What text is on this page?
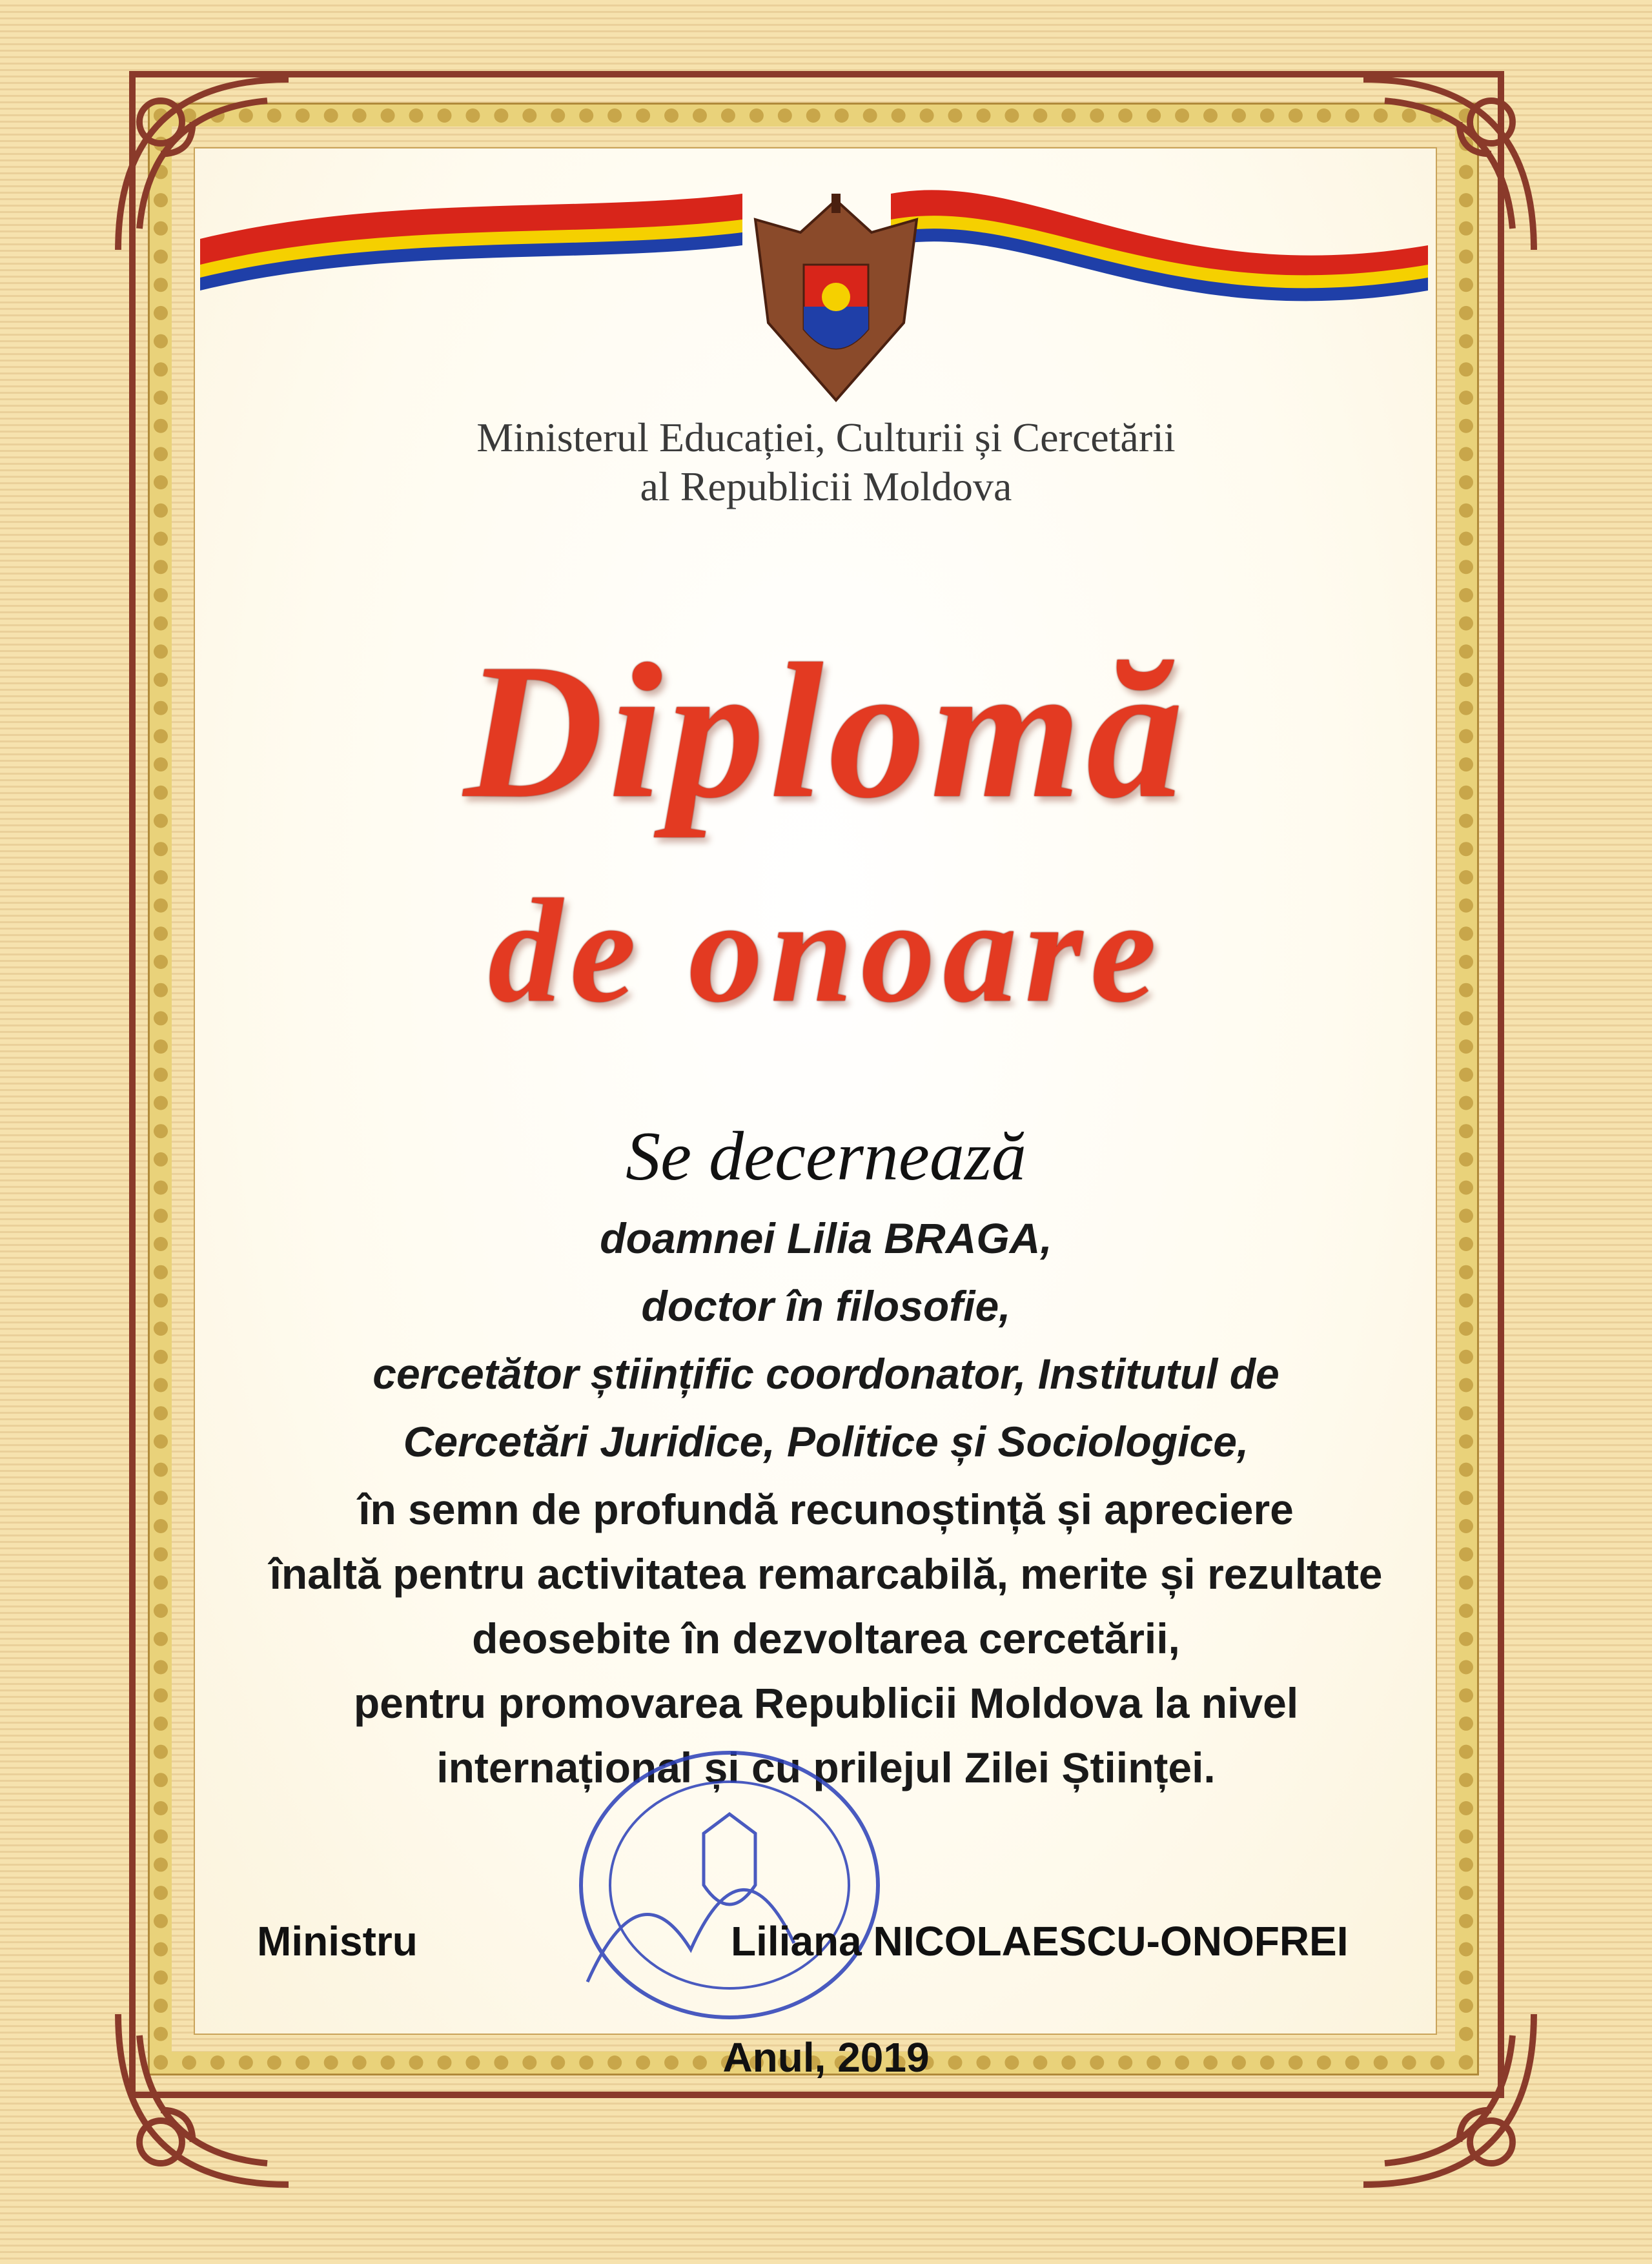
Ministerul Educației, Culturii și Cercetării
al Republicii Moldova
Diplomă
de onoare
Se decernează
doamnei Lilia BRAGA,
doctor în filosofie,
cercetător științific coordonator, Institutul de
Cercetări Juridice, Politice și Sociologice,
în semn de profundă recunoștință și apreciere
înaltă pentru activitatea remarcabilă, merite și rezultate
deosebite în dezvoltarea cercetării,
pentru promovarea Republicii Moldova la nivel
internațional și cu prilejul Zilei Științei.
Ministru	Liliana NICOLAESCU-ONOFREI
Anul, 2019
